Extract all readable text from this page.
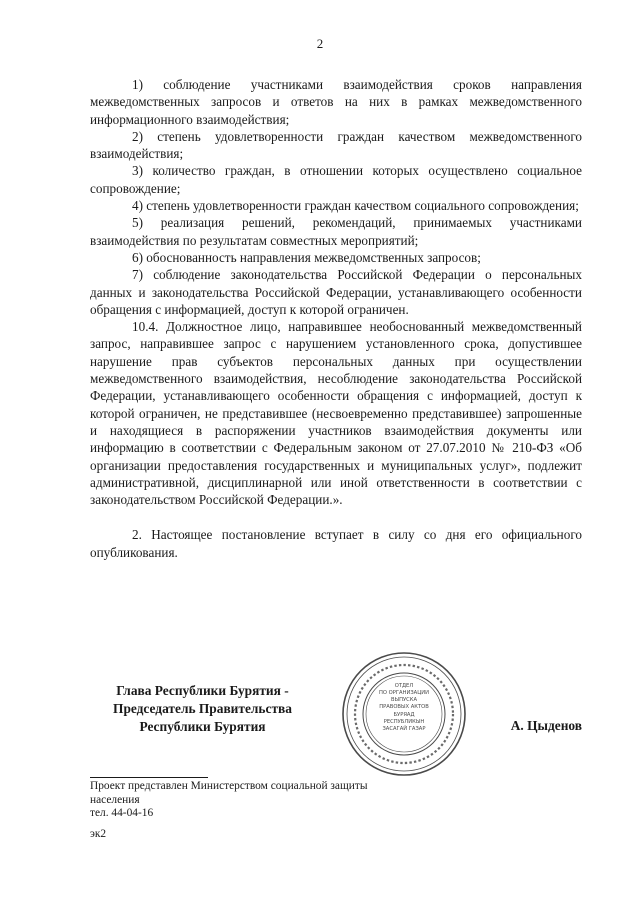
2

1) соблюдение участниками взаимодействия сроков направления межведомственных запросов и ответов на них в рамках межведомственного информационного взаимодействия;

2) степень удовлетворенности граждан качеством межведомственного взаимодействия;

3) количество граждан, в отношении которых осуществлено социальное сопровождение;

4) степень удовлетворенности граждан качеством социального сопровождения;

5) реализация решений, рекомендаций, принимаемых участниками взаимодействия по результатам совместных мероприятий;

6) обоснованность направления межведомственных запросов;

7) соблюдение законодательства Российской Федерации о персональных данных и законодательства Российской Федерации, устанавливающего особенности обращения с информацией, доступ к которой ограничен.

10.4. Должностное лицо, направившее необоснованный межведомственный запрос, направившее запрос с нарушением установленного срока, допустившее нарушение прав субъектов персональных данных при осуществлении межведомственного взаимодействия, несоблюдение законодательства Российской Федерации, устанавливающего особенности обращения с информацией, доступ к которой ограничен, не представившее (несвоевременно представившее) запрошенные и находящиеся в распоряжении участников взаимодействия документы или информацию в соответствии с Федеральным законом от 27.07.2010 № 210-ФЗ «Об организации предоставления государственных и муниципальных услуг», подлежит административной, дисциплинарной или иной ответственности в соответствии с законодательством Российской Федерации.».

2. Настоящее постановление вступает в силу со дня его официального опубликования.

Глава Республики Бурятия -
Председатель Правительства
Республики Бурятия
ОТДЕЛ
ПО ОРГАНИЗАЦИИ
ВЫПУСКА
ПРАВОВЫХ АКТОВ
БУРЯАД
РЕСПУБЛИКЫН
ЗАСАГАЙ ГАЗАР	А. Цыденов
Проект представлен Министерством социальной защиты
населения
тел. 44-04-16
эк2
